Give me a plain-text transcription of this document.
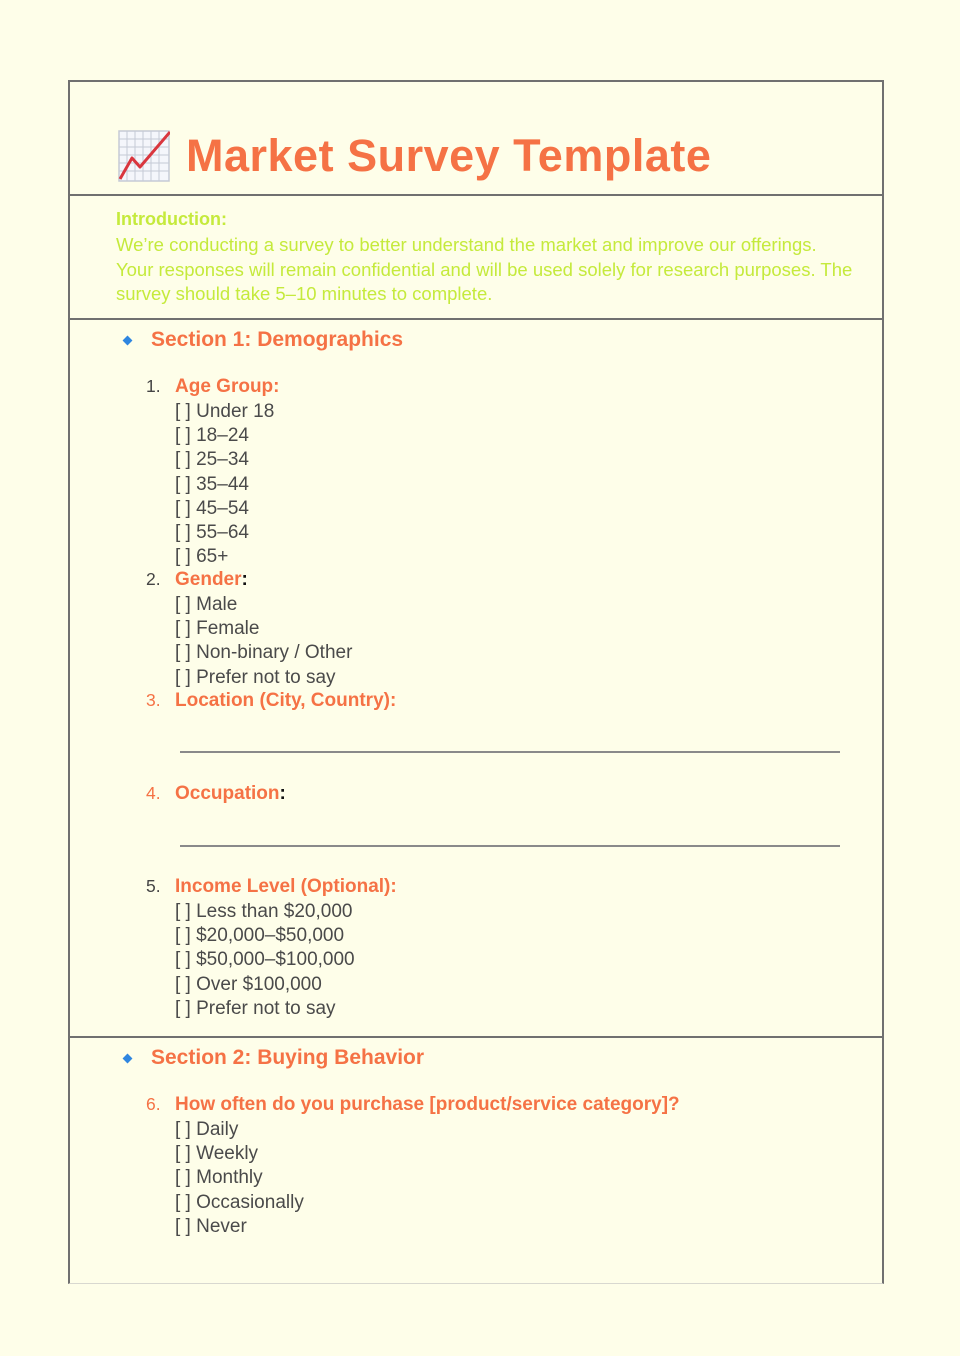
Market Survey Template
Introduction:
We’re conducting a survey to better understand the market and improve our offerings. Your responses will remain confidential and will be used solely for research purposes. The survey should take 5–10 minutes to complete.
Section 1: Demographics
1. Age Group:
[ ] Under 18
[ ] 18–24
[ ] 25–34
[ ] 35–44
[ ] 45–54
[ ] 55–64
[ ] 65+
2. Gender :
[ ] Male
[ ] Female
[ ] Non-binary / Other
[ ] Prefer not to say
3. Location (City, Country):
4. Occupation :
5. Income Level (Optional):
[ ] Less than $20,000
[ ] $20,000–$50,000
[ ] $50,000–$100,000
[ ] Over $100,000
[ ] Prefer not to say
Section 2: Buying Behavior
6. How often do you purchase [product/service category]?
[ ] Daily
[ ] Weekly
[ ] Monthly
[ ] Occasionally
[ ] Never
